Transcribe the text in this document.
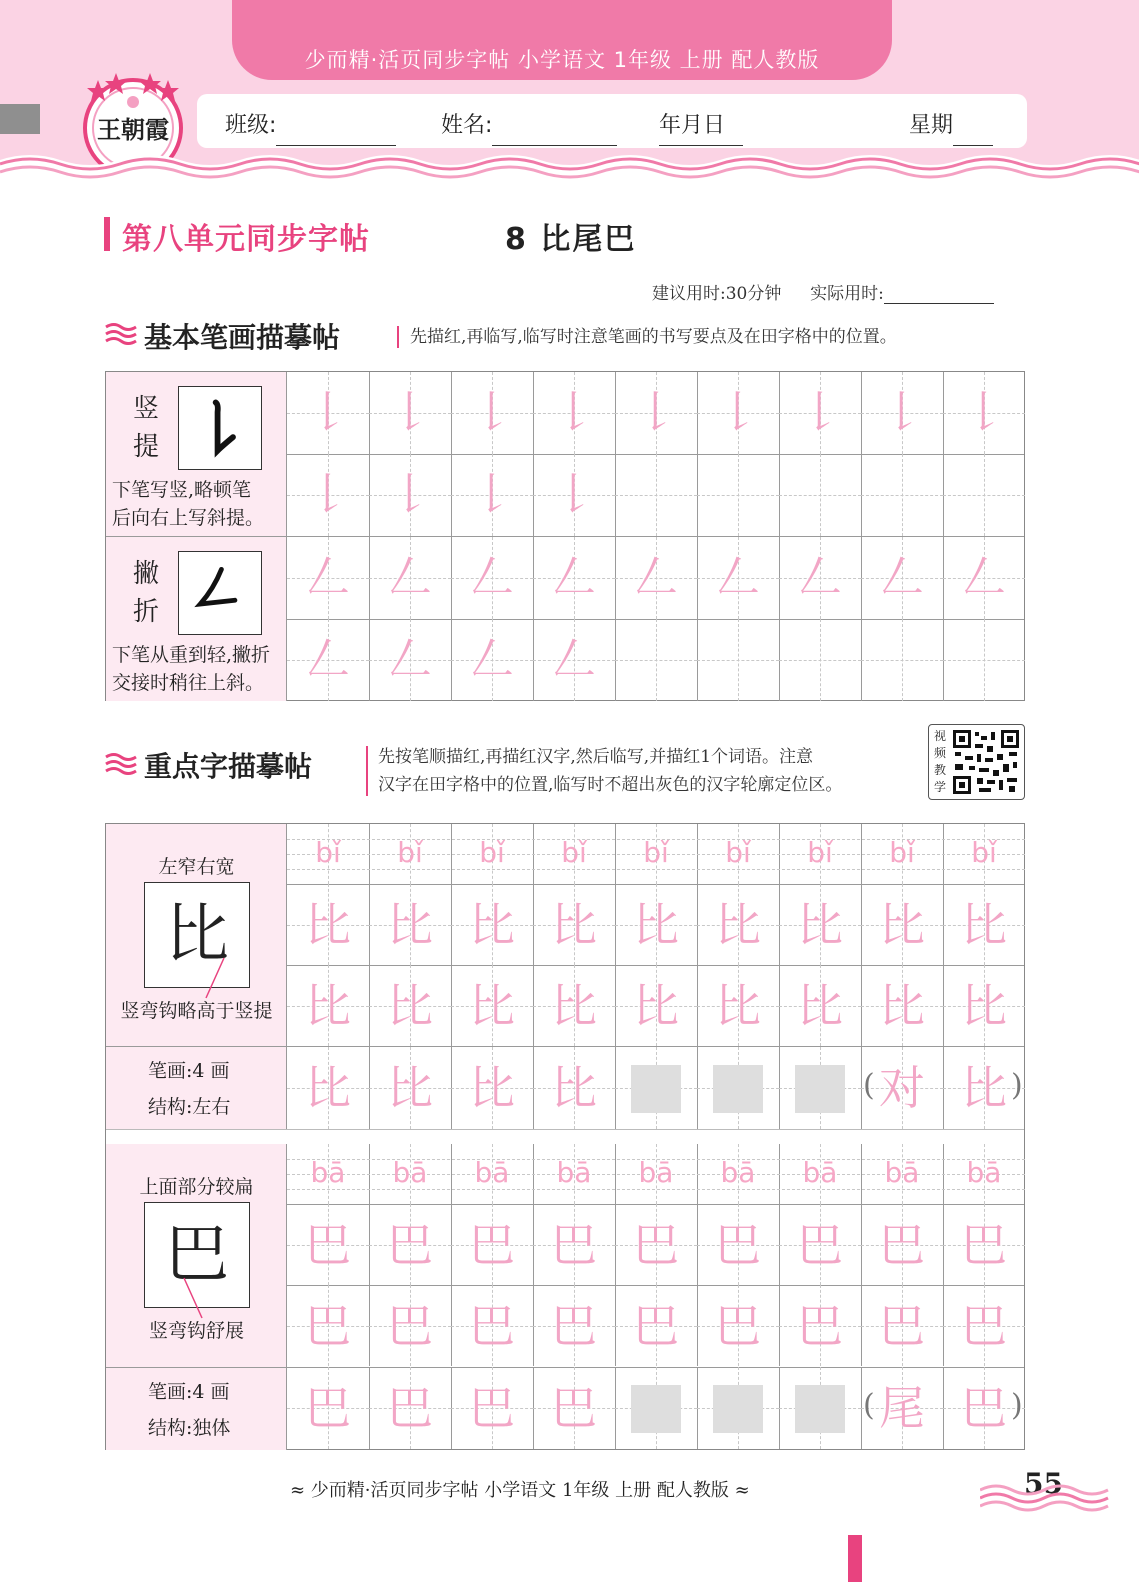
少而精·活页同步字帖 小学语文 1年级 上册 配人教版
王朝霞	班级:	姓名:	年
月
日	星期
第八单元同步字帖	8 比尾巴
建议用时:30分钟 实际用时:
基本笔画描摹帖	先描红,再临写,临写时注意笔画的书写要点及在田字格中的位置。
竖
提
下笔写竖,略顿笔
后向右上写斜提。
撇
折
下笔从重到轻,撇折
交接时稍往上斜。
𠄌 𠄌 𠄌 𠄌 𠄌 𠄌 𠄌 𠄌 𠄌
𠄌 𠄌 𠄌 𠄌
𠃋 𠃋 𠃋 𠃋 𠃋 𠃋 𠃋 𠃋 𠃋
𠃋 𠃋 𠃋 𠃋
重点字描摹帖	先按笔顺描红,再描红汉字,然后临写,并描红1个词语。注意
汉字在田字格中的位置,临写时不超出灰色的汉字轮廓定位区。
视频教学
左窄右宽
比
竖弯钩略高于竖提
笔画:4 画
结构:左右
上面部分较扁
巴
竖弯钩舒展
笔画:4 画
结构:独体
bǐ	bǐ	bǐ	bǐ	bǐ	bǐ	bǐ	bǐ	bǐ
比 比 比 比 比 比 比 比 比
比 比 比 比 比 比 比 比 比
比 比 比 比	( 对 比 )
bā	bā	bā	bā	bā	bā	bā	bā	bā
巴 巴 巴 巴 巴 巴 巴 巴 巴
巴 巴 巴 巴 巴 巴 巴 巴 巴
巴 巴 巴 巴	( 尾 巴 )
≈ 少而精·活页同步字帖 小学语文 1年级 上册 配人教版 ≈	55
